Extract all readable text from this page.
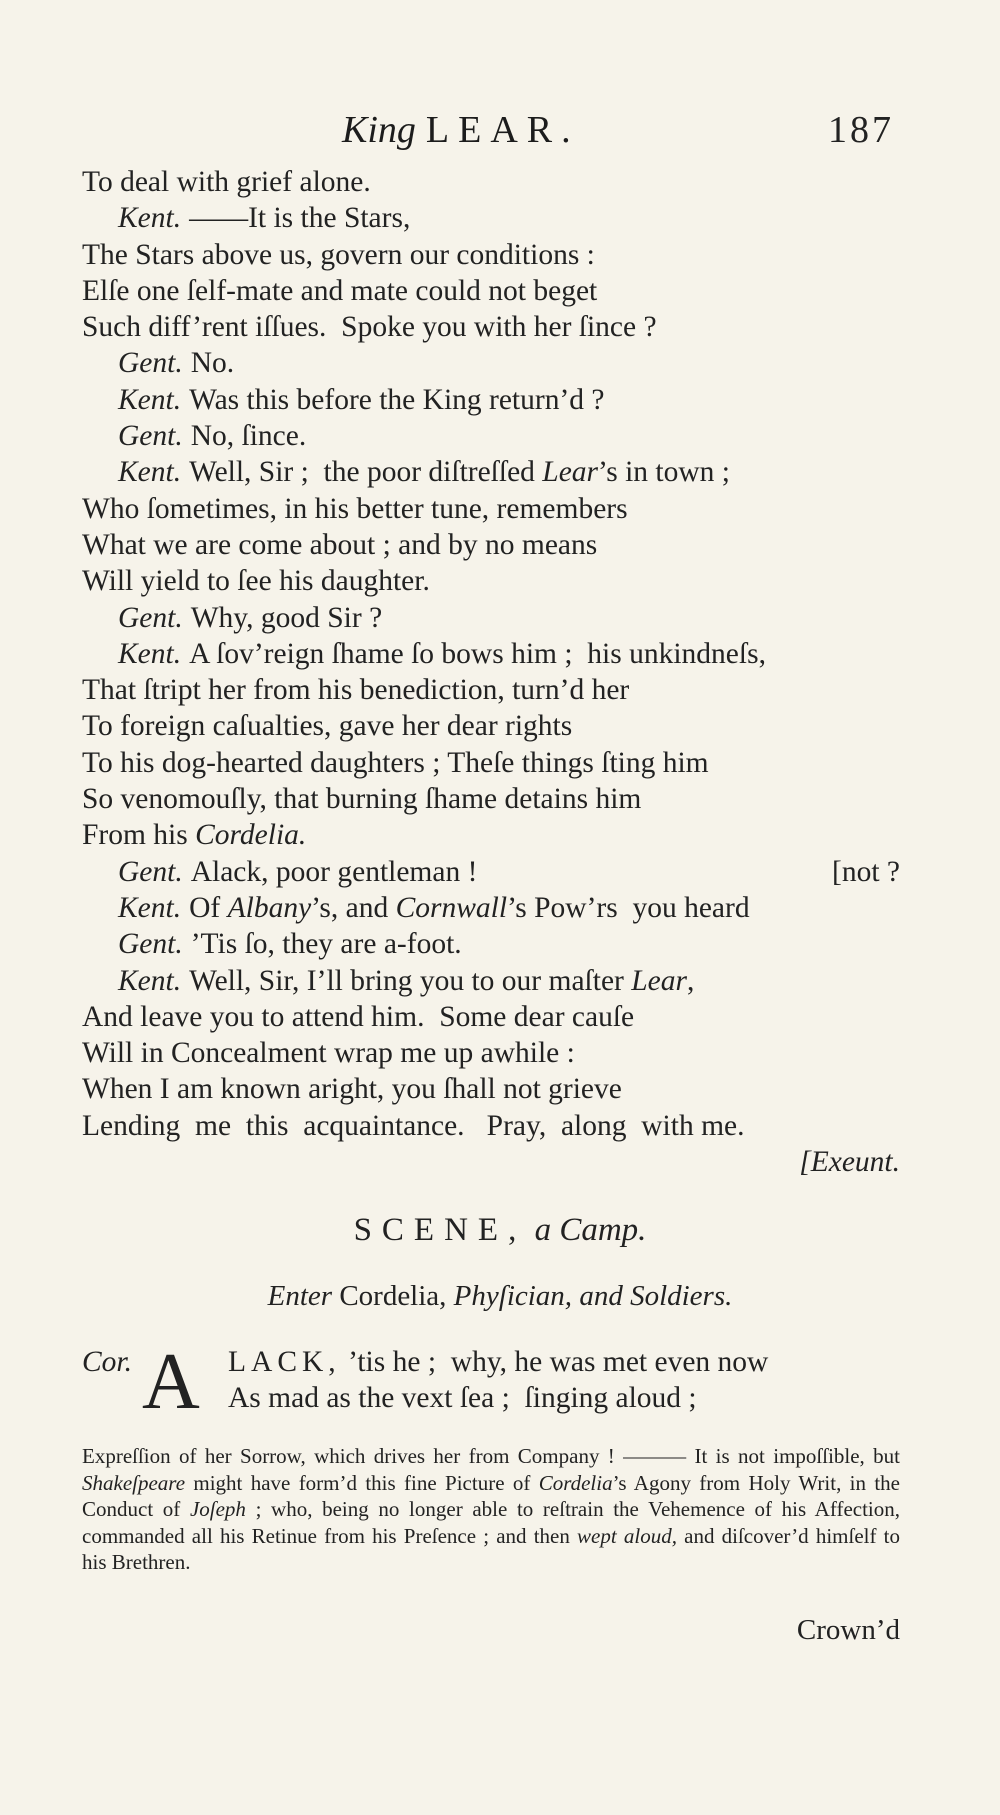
King LEAR.	187
To deal with grief alone.
Kent. ——It is the Stars,
The Stars above us, govern our conditions :
Elſe one ſelf-mate and mate could not beget
Such diff’rent iſſues.  Spoke you with her ſince ?
Gent. No.
Kent. Was this before the King return’d ?
Gent. No, ſince.
Kent. Well, Sir ;  the poor diſtreſſed Lear’s in town ;
Who ſometimes, in his better tune, remembers
What we are come about ; and by no means
Will yield to ſee his daughter.
Gent. Why, good Sir ?
Kent. A ſov’reign ſhame ſo bows him ;  his unkindneſs,
That ſtript her from his benediction, turn’d her
To foreign caſualties, gave her dear rights
To his dog-hearted daughters ; Theſe things ſting him
So venomouſly, that burning ſhame detains him
From his Cordelia.
Gent. Alack, poor gentleman !	[not ?
Kent. Of Albany’s, and Cornwall’s Pow’rs  you heard
Gent. ’Tis ſo, they are a-foot.
Kent. Well, Sir, I’ll bring you to our maſter Lear,
And leave you to attend him.  Some dear cauſe
Will in Concealment wrap me up awhile :
When I am known aright, you ſhall not grieve
Lending  me  this  acquaintance.   Pray,  along  with me.
[Exeunt.
SCENE, a Camp.
Enter Cordelia, Phyſician, and Soldiers.
Cor. A LACK, ’tis he ;  why, he was met even now
As mad as the vext ſea ;  ſinging aloud ;
Expreſſion of her Sorrow, which drives her from Company ! ——— It is not impoſſible, but Shakeſpeare might have form’d this fine Picture of Cordelia’s Agony from Holy Writ, in the Conduct of Joſeph ; who, being no longer able to reſtrain the Vehemence of his Affection, commanded all his Retinue from his Preſence ; and then wept aloud, and diſcover’d himſelf to his Brethren.
Crown’d
